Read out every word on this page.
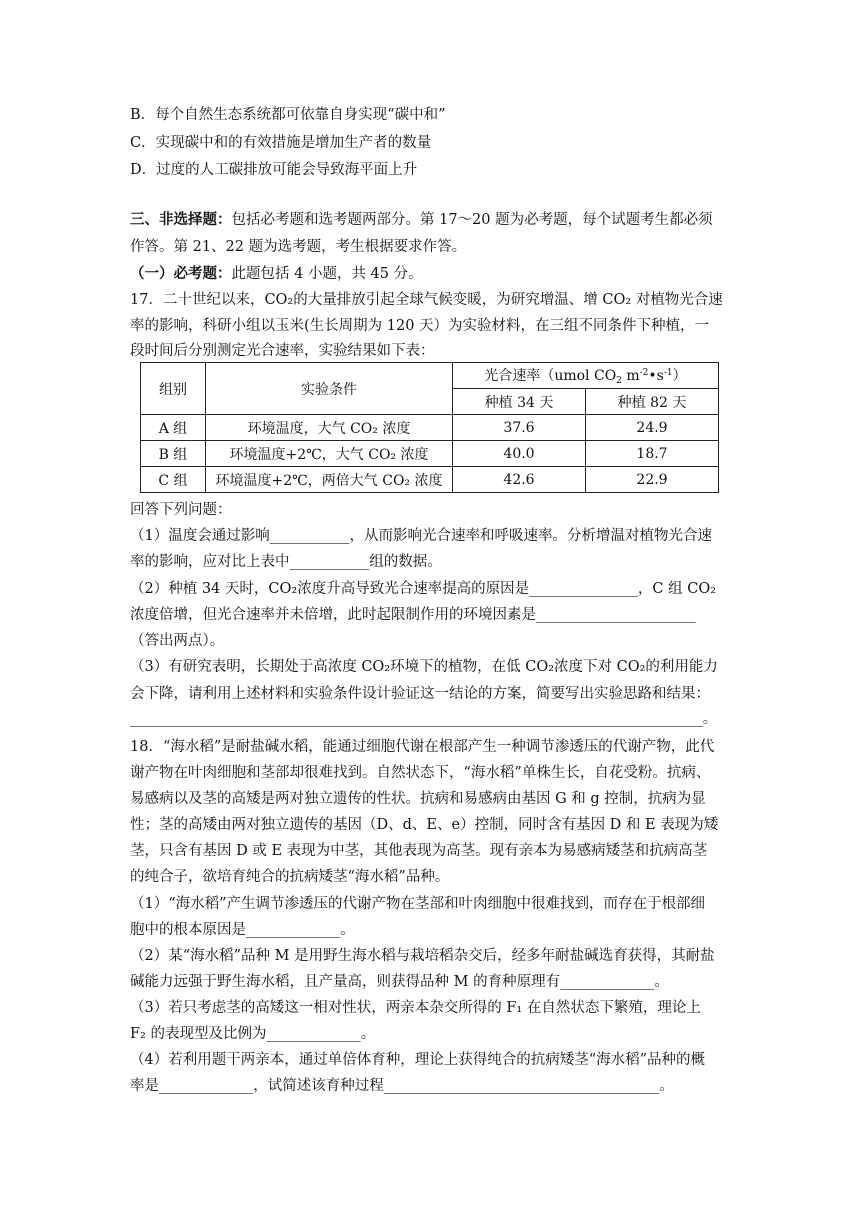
B．每个自然生态系统都可依靠自身实现“碳中和”
C．实现碳中和的有效措施是增加生产者的数量
D．过度的人工碳排放可能会导致海平面上升
三、非选择题：包括必考题和选考题两部分。第 17～20 题为必考题，每个试题考生都必须
作答。第 21、22 题为选考题，考生根据要求作答。
（一）必考题：此题包括 4 小题，共 45 分。
17．二十世纪以来，CO₂的大量排放引起全球气候变暖，为研究增温、增 CO₂ 对植物光合速
率的影响，科研小组以玉米(生长周期为 120 天）为实验材料，在三组不同条件下种植，一
段时间后分别测定光合速率，实验结果如下表：
组别	实验条件	光合速率（umol $CO_2$ $m^{-2}•s^{-1}$）	
		种植 34 天	种植 82 天
A 组	环境温度，大气 CO₂ 浓度	37.6	24.9
B 组	环境温度+2℃，大气 CO₂ 浓度	40.0	18.7
C 组	环境温度+2℃，两倍大气 CO₂ 浓度	42.6	22.9
回答下列问题：
（1）温度会通过影响___________，从而影响光合速率和呼吸速率。分析增温对植物光合速
率的影响，应对比上表中___________组的数据。
（2）种植 34 天时，CO₂浓度升高导致光合速率提高的原因是_______________，C 组 CO₂
浓度倍增，但光合速率并未倍增，此时起限制作用的环境因素是______________________
（答出两点）。
（3）有研究表明，长期处于高浓度 CO₂环境下的植物，在低 CO₂浓度下对 CO₂的利用能力
会下降，请利用上述材料和实验条件设计验证这一结论的方案，简要写出实验思路和结果：
_______________________________________________________________________________。
18．“海水稻”是耐盐碱水稻，能通过细胞代谢在根部产生一种调节渗透压的代谢产物，此代
谢产物在叶肉细胞和茎部却很难找到。自然状态下，“海水稻”单株生长，自花受粉。抗病、
易感病以及茎的高矮是两对独立遗传的性状。抗病和易感病由基因 G 和 g 控制，抗病为显
性；茎的高矮由两对独立遗传的基因（D、d、E、e）控制，同时含有基因 D 和 E 表现为矮
茎，只含有基因 D 或 E 表现为中茎，其他表现为高茎。现有亲本为易感病矮茎和抗病高茎
的纯合子，欲培育纯合的抗病矮茎“海水稻”品种。
（1）“海水稻”产生调节渗透压的代谢产物在茎部和叶肉细胞中很难找到，而存在于根部细
胞中的根本原因是_____________。
（2）某“海水稻”品种 M 是用野生海水稻与栽培稻杂交后，经多年耐盐碱选育获得，其耐盐
碱能力远强于野生海水稻，且产量高，则获得品种 M 的育种原理有_____________。
（3）若只考虑茎的高矮这一相对性状，两亲本杂交所得的 F₁ 在自然状态下繁殖，理论上
F₂ 的表现型及比例为_____________。
（4）若利用题干两亲本，通过单倍体育种，理论上获得纯合的抗病矮茎“海水稻”品种的概
率是_____________，试简述该育种过程______________________________________。
